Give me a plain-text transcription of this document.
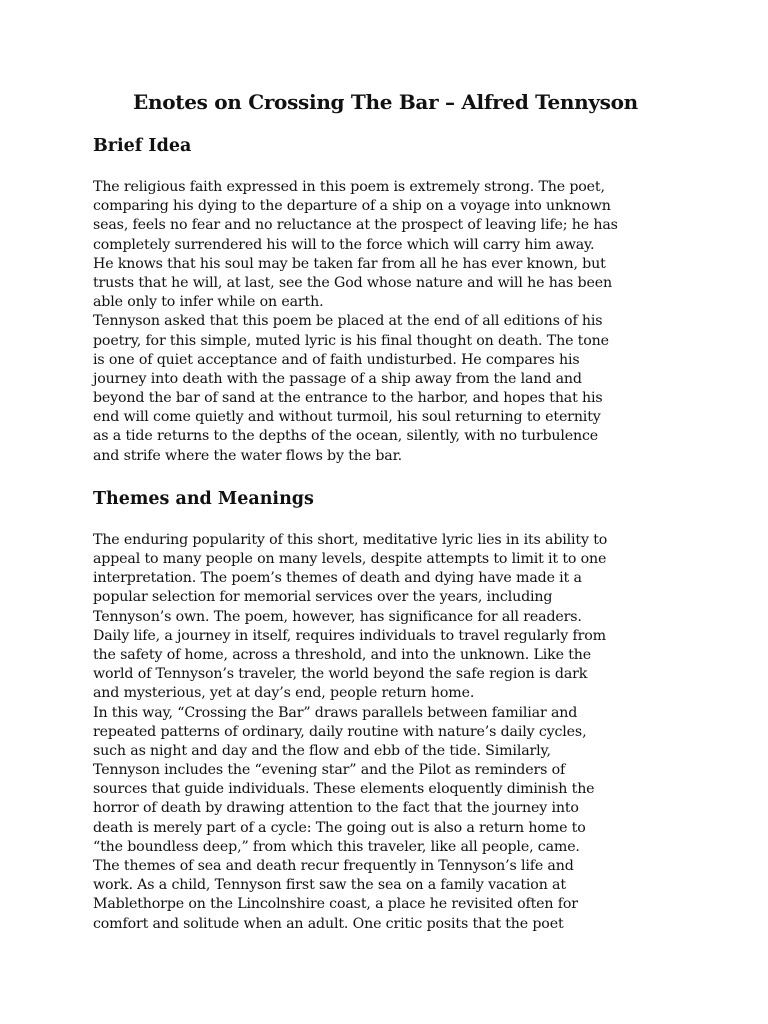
Enotes on Crossing The Bar – Alfred Tennyson
Brief Idea
The religious faith expressed in this poem is extremely strong. The poet,
comparing his dying to the departure of a ship on a voyage into unknown
seas, feels no fear and no reluctance at the prospect of leaving life; he has
completely surrendered his will to the force which will carry him away.
He knows that his soul may be taken far from all he has ever known, but
trusts that he will, at last, see the God whose nature and will he has been
able only to infer while on earth.
Tennyson asked that this poem be placed at the end of all editions of his
poetry, for this simple, muted lyric is his final thought on death. The tone
is one of quiet acceptance and of faith undisturbed. He compares his
journey into death with the passage of a ship away from the land and
beyond the bar of sand at the entrance to the harbor, and hopes that his
end will come quietly and without turmoil, his soul returning to eternity
as a tide returns to the depths of the ocean, silently, with no turbulence
and strife where the water flows by the bar.
Themes and Meanings
The enduring popularity of this short, meditative lyric lies in its ability to
appeal to many people on many levels, despite attempts to limit it to one
interpretation. The poem’s themes of death and dying have made it a
popular selection for memorial services over the years, including
Tennyson’s own. The poem, however, has significance for all readers.
Daily life, a journey in itself, requires individuals to travel regularly from
the safety of home, across a threshold, and into the unknown. Like the
world of Tennyson’s traveler, the world beyond the safe region is dark
and mysterious, yet at day’s end, people return home.
In this way, “Crossing the Bar” draws parallels between familiar and
repeated patterns of ordinary, daily routine with nature’s daily cycles,
such as night and day and the flow and ebb of the tide. Similarly,
Tennyson includes the “evening star” and the Pilot as reminders of
sources that guide individuals. These elements eloquently diminish the
horror of death by drawing attention to the fact that the journey into
death is merely part of a cycle: The going out is also a return home to
“the boundless deep,” from which this traveler, like all people, came.
The themes of sea and death recur frequently in Tennyson’s life and
work. As a child, Tennyson first saw the sea on a family vacation at
Mablethorpe on the Lincolnshire coast, a place he revisited often for
comfort and solitude when an adult. One critic posits that the poet
